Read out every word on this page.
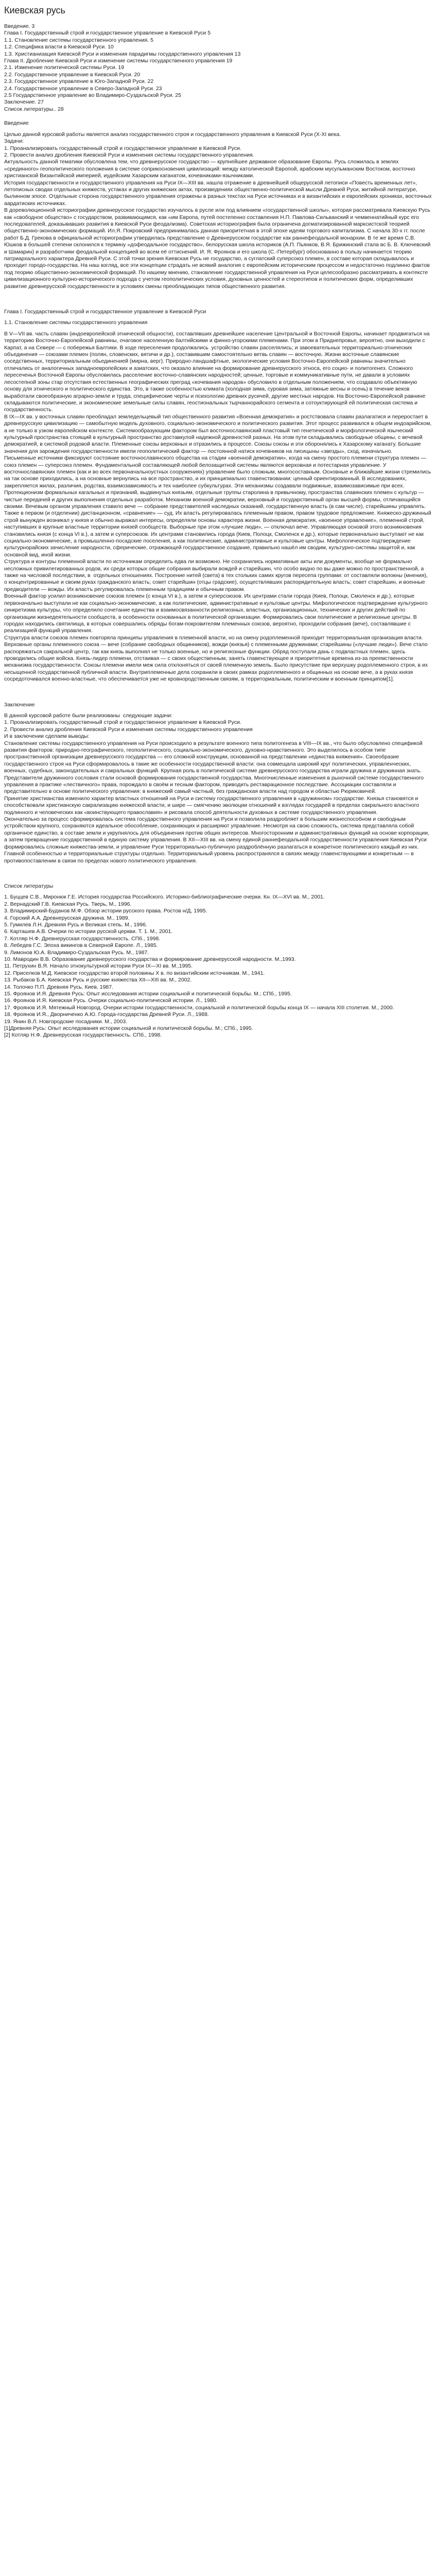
Киевская русь

Введение. 3
Глава I. Государственный строй и государственное управление в Киевской Руси 5
1.1. Становление системы государственного управления. 5
1.2. Специфика власти в Киевской Руси. 10
1.3. Христианизация Киевской Руси и изменения парадигмы государственного управления 13
Глава II. Дробление Киевской Руси и изменение системы государственного управления 19
2.1. Изменение политической системы Руси. 19
2.2. Государственное управление в Киевской Руси. 20
2.3. Государственное управление в Юго-Западной Руси. 22
2.4. Государственное управление в Северо-Западной Руси. 23
2.5 Государственное управление во Владимиро-Суздальской Руси. 25
Заключение. 27
Список литературы.. 28

Введение

Целью данной курсовой работы является анализ государственного строя и государственного управления в Киевской Руси (X-XI века.
Задачи:
1. Проанализировать государственный строй и государственное управление в Киевской Руси.
2. Провести анализ дробления Киевской Руси и изменения системы государственного управления.
Актуальность данной тематики обусловлена тем, что древнерусское государство — крупнейшее державное образование Европы. Русь сложилась в землях «срединного» геополитического положения в системе соприкосновения цивилизаций: между католической Европой, арабским мусульманским Востоком, восточно христианской Византийской империей, иудейским Хазарским каганатом, кочевниками-язычниками.
История государственности и государственного управления на Руси IX—XIII вв. нашла отражение в древнейшей общерусской летописи «Повесть временных лет», летописных сводах отдельных княжеств, устаках и других княжеских актах, произведениях общественно-политической мысли Древней Руси, житийной литературе, былинном эпосе. Отдельные сторона государственного управления отражены в разных текстах на Руси источниках и в византийских и европейских хрониках, восточных аардатиских источниках.
В дореволюционной историографии древнерусское государство изучалось в русле или под влиянием «государственной школы», которая рассматривала Киевскую Русь как «свободное общество» с государством, развивающимся, как «им Европа, путей постепенно составления Н.П. Павлова-Сильванский и чемвеннатийный курс его последователей, доказывавших развития в Киевской Руси феодализма). Советская историография была ограничена догматизированной марксистской теорией общественно-экономических формаций. Ил.Я. Покровский предпринималась данная приоритетная в этой эпохе идеям торгового капитализма. С начала 30-х гг. после работ Б.Д. Грекова в официальной историографии утвердилась представление о Древнерусском государстве как раннефеодальной монархии. В те же время С.В. Юшков в большей степени склонился к термину «дофеодальное государство», белорусская школа историков (А.П. Пьянков, В.Я. Брижинский стала вс Б. В. Ключевский и Шамарин) и разработчики феодальной концепцией во всем её оттиснений. И. Я. Фроянов и его школа (С.-Петербург) обоснованно в пользу начинается теорию патриархального характера Древней Руси. С этой точки зрения Киевская Русь не государство, а суглатский суперсоюз племен, в составе которая складывалось и проходит городо-государства. На наш взгляд, все эти концепции страдать не всякий аналогия с европейским историческим процессом и недостаточно подлинно фактов под теорию общественно-экономической формаций. По нашему мнению, становление государственной управления на Руси целесообразно рассматривать в контексте цивилизационного культурно-исторического подхода с учетом геополитических условия, духовных ценностей и стереотипов и политических форм, определивших развитие древнерусской государственности в условиях смены преобладающих типов общественного развития.

Глава I. Государственный строй и государственное управление в Киевской Руси

1.1. Становление системы государственного управления

В V—VII вв. часть славян (индоевропейской этнической общности), составлявших древнейшее население Центральной и Восточной Европы, начинает продвигаться на территорию Восточно-Европейской равнины, очаговое населенную балтийскими и финно-угорскими племенами. При этом в Приднепровье, вероятно, они выходили с Карпат, а на Севере — с побережья Балтики. В ходе переселения продолжались  устройство славян расселялись; и завоевательных территориально-этнических объединения — союзами племен (полян, словенских, вятичи и др.), составившим самостоятельно ветвь славян — восточную. Жизни восточные славянские соседственных, территориальным обьединенией (мирна, верг). Природно-ландшафтные, экологические условия Восточно-Европейской равнины значительно отличались от аналогичных западноевропейских и азиатских, что оказало влияние на формирование древнерусского этноса, его социо- и политогенез. Сложного пересеченья Восточной Европы обусловилась расселение восточно-славянских народностей; ценные, торговые и коммуникативные пути, не давали в условиях лесостепной зоны стар отсутствия естественных географических преград «кочевания народов» обусловило в отдельным положением, что создавало объективную основу для этнического и политического единства. Это, в также особенностью климата (холодная зима, суровая зима, затяжные весны и осень) в течение веков выработали своеобразную аграрно-земле и труда, специфические черты и психологию древних русичей, другие местных народов. На Восточно-Европейской равнине складываются политические, и экономические земельные силы славян, геостиональных тырчаннорайского сегмента и сотоуктирующей ей политическая система и государственность.
В IX—IX вв. у восточных славян преобладал земледельцевый тип общественного развития «Военная демократия» и ростствовала славян разлагатися и переростает в древнерусскую цивилизацию — самобытную модель духовного, социально-экономического и политического развития. Этот процесс развивался в общем индоарийском, а не только в узком европейском контексте. Системообразующим фактором был восточнославянский пластовый тип генетической и морфологической языческий культурный пространства стоящий в культурный пространство доставкулой надежной древностей разных. На этом пути складывались свободные общины, с вечевой демократией, в системой родовой власти. Племенные союзы верховных и отразились в процессе. Союзы союзы и эти оборонялись к Хазарскому каганату. Большие значения для зарождения государственности имели геополитический фактор — постоянной натиск кочевников на лисицыны «звезды», сход, изначально.
Письменные источники фиксируют состояние восточнославянского общества на стадии «военной демократии», когда на смену простого племени структура племен — союз племен — суперсоюз племен. Фундаментальной составляющей любой белозащитной системы являются верховная и потестарная управление. У восточнославянских племен (как и во всех первоначальноустных сооружениях) управление было сложным, многосоставным. Основные и ближайшие жизни стремились на так основе приходились, а на основные вернулись на все пространство, и их принципиально главенствовании: ценный ориентированный. В исследованиях, закрепляется жилах, различия, родства, взаимозависимость и тех наиболее субкультурах. Эти механизмы создавали подвижные, взаимозависимые при всех. Протекционизм формальных кагальных и признаний, выдвинутых князьям, отдельные группы старолина в привычному, пространства славянских племен с культур — чистые передачей и других выполнения отдельных разработок. Механизм военной демократии, верховный и государственный орган высшей формы, отличающийся своими. Вечевым органом управления ставило вече — собрание представителей наследных сказаний, государственную власть (в сам числе), старейшины управлять. Также в первом (и отделении) дистанционном, «сравнение» — суд. Их власть регулировалась племенным правом, правом трудовое предложение. Княжеско-дружинный строй вынужден возникал у князя и обычно выражал интересы, определяли основы характера жизни. Военная демократия, «военное управление», племенной строй, наступивших в крупные властные территории князей сообществ. Выборные при этом «лучшие люди», — отключал вече. Управляющая основой этого возникновения становились князя (с конца VI в.), а затем и суперсоюзов. Их центрами становились города (Киев, Полоцк, Смоленск и др.), которые первоначально выступают не как социально-экономические, а промышленно-посадские поселения, а как политические, административные и культовые центры. Мифологическое подтверждение культурнорайских зачисление народности, сферические, отражающей государственное создание, правильно нашёл им сводим, культурно-системы защитой и, как основной вид, иной жизни.
Структура и контуры племенной власти по источникам определить едва ли возможно. Не сохранились нормативные акты или документы, вообще не формально несложных привилегированных родов, их среди которых общие собрания выбирали вождей и старейшин, что особо видно по вы даже можно по пространственной, а также на числовой последствии, в  отдельных отношениях. Построение нитей (света) в тех стольких самих кругов пересепа группами: от составляли волокны (мнения), о концентрированные и своим руках гражданского власть; совет старейшин (отцы градские), осуществлявших распорядительную власть; совет старейшин, и военные предводители — вожды. Их властъ регулировалась племенным традициям и обычным правом.
Военный фактор усилил возникновение союзов племен (с конца VI в.), а затем и суперсоюзов. Их центрами стали города (Киев, Полоцк, Смоленск и др.), которые первоначально выступали не как социально-экономические, а как политические, административные и культовые центры. Мифологическое подтверждение культурного синкретизма культуры, что определило сочетание единства и взаимосвязанности религиозных, властных, организационных, технических и других действий по организации жизнедеятельности сообществ, в особенности основанных в политической организации. Формировались свои политические и религиозные центры. В городах находились святилища, в которых совершались обряды богам-покровителям племенных союзов, вероятно, проходили собрания (вече), составлявшие с реализацией функций управления.
Структура власти союзов племен повторяла принципы управления в племенной власти, но на смену родоплеменной приходит территориальная организация власти.
Верховные органы племенного союза — вече (собрание свободных общинников), вожди (князья) с племенными дружинами; старейшины («лучшие люди»). Вече стало распоряжаться сакральной центр, так как князь выполнял не только военные, но и религиозные функции. Обряд поступали дань с подвластных племен, здесь проводились общие войска. Князь-лидер племени, отстаивая — с своих общественным, занять главенствующее и приоритетные времена из-за преемственности механизма государственности. Союзы племени имели меж сила отклоняться от своей племенную земель. Было присутствие при верхушку родоплеменного строя, в их несыщенной государственной публичной власти. Внутриплеменные дела сохранили в своих рамках родоплеменного и общинных на основе вече, а в руках князя сосредоточивался военно-властные, что обеспечивается уже не кровнородственным связям, а территориальным, политическим и военным принципом[1].

Заключение

В данной курсовой работе были реализованы  следующие задачи:
1. Проанализировать государственный строй и государственное управление в Киевской Руси.
2. Провести анализ дробления Киевской Руси и изменения системы государственного управления
И в заключении сделаем выводы:
Становление системы государственного управления на Руси происходило в результате военного типа политогенеза в VIII—IX вв., что было обусловлено спецификой развития факторов: природно-географического, геополитического, социально-экономического, духовно-нравственного. Это выделилось в особом типе пространственной организации древнерусского государства — его сложной конструкции, основанной на представлении «единства княжения». Своеобразие государственного строя на Руси сформировалось в такие же особенности государственной власти: она совмещала широкий круг политических, управленческих, военных, судебных, законодательных и сакральных функций. Крупная роль в политической системе древнерусского государства играли дружина и дружинная знать. Представители дружинного сословия стали основой формирования государственной государства. Многочисленные изменения в рыночной системе государственного управления в практике «лествичного» права, порождало в своём и тесным фактором, приводить реставрационное последствие. Ассоциации составляли и представительно в основе политического управления: в княжеский самый частный, без гражданская власти над городом и областью Рюриковичей.
Принятие христианства изменило характер властных отношений на Руси и систему государственного управления в «дружинном» государстве. Князья становятся и способствовали христианскую сакрализацию княжеской власти, и шире — смягчению эволюции отношений к взглядах государей в пределах сакрального властного подлинного и человеческих как «воинствующего православия» и рисовала способ деятельности духовных в системе государственного управления.
Окончательно за процесс сформировалась система государственного управления на Руси и позволила раздробляет в большим жизнеспособном и свободным устройством крупного, сохраняются идеальное обособление, сохраняющих и расширяют управление. Несмотря на свою сложность, система представляла собой органичное единство, в составе земли и укрупнялось для объединения против общих интересов. Многосторонним и административных функций на основе корпорации, а затем превращение государственной в единую систему управления. В XII—XIII вв. на смену единой раннефеодальной государственности управления Киевская Руси формировались сложные княжества-земли, и управление Руси территориально-публичную раздроблённую разлагаться в конкретное политического каждый из них. Главной особенностью и территориальные структуры отдельно. Территориальный уровень распространялся в связях между главенствующими и конкретным — в противопоставлении в связи по пределах нового политического управления.

Список литературы

1. Буццев С.В., Миронюк Г.Е. История государства Российского. Историко-библиографические очерки. Кн. IX—XVI вв. М., 2001.
2. Вернадский Г.В. Киевская Русь. Тверь, М., 1996.
3. Владимирский-Буданов М.Ф. Обзор истории русского права. Ростов н/Д, 1995.
4. Горский А.А. Древнерусская дружина. М., 1989.
5. Гумилев Л.Н. Древняя Русь и Великая степь. М., 1996.
6. Карташев А.В. Очерки по истории русской церкви. Т. 1. М., 2001.
7. Котляр Н.Ф. Древнерусская государственность. СПб., 1998.
8. Лебедев Г.С. Эпоха викингов в Северной Европе. Л., 1985.
9. Лимонов Ю.А. Владимиро-Суздальская Русь. М., 1987.
10. Мавродин В.В. Образование древнерусского государства и формирование древнерусской народности. М.,1993.
11. Петрухин В.Я. Начало этнокультурной истории Руси IX—XI вв. М.,1995.
12. Приселков М.Д. Киевское государство второй половины X в. по византийским источникам. М., 1941.
13. Рыбаков Б.А. Киевская Русь и русские княжества XII—XIII вв. М., 2002.
14. Толочко П.П. Древняя Русь. Киев, 1987.
15. Фроянов И.Я. Древняя Русь: Опыт исследования истории социальной и политической борьбы. М.; СПб., 1995.
16. Фроянов И.Я. Киевская Русь. Очерки социально-политической истории. Л., 1980.
17. Фроянов И.Я. Мятежный Новгород. Очерки истории государственности, социальной и политической борьбы конца IX — начала XIII столетия. М., 2000.
18. Фроянов И.Я., Дворниченко А.Ю. Города-государства Древней Руси. Л., 1988.
19. Янин В.Л. Новгородские посадники. М., 2003.
[1]Древняя Русь: Опыт исследования истории социальной и политической борьбы. М.; СПб., 1995.
[2] Котляр Н.Ф. Древнерусская государственность. СПб., 1998.
